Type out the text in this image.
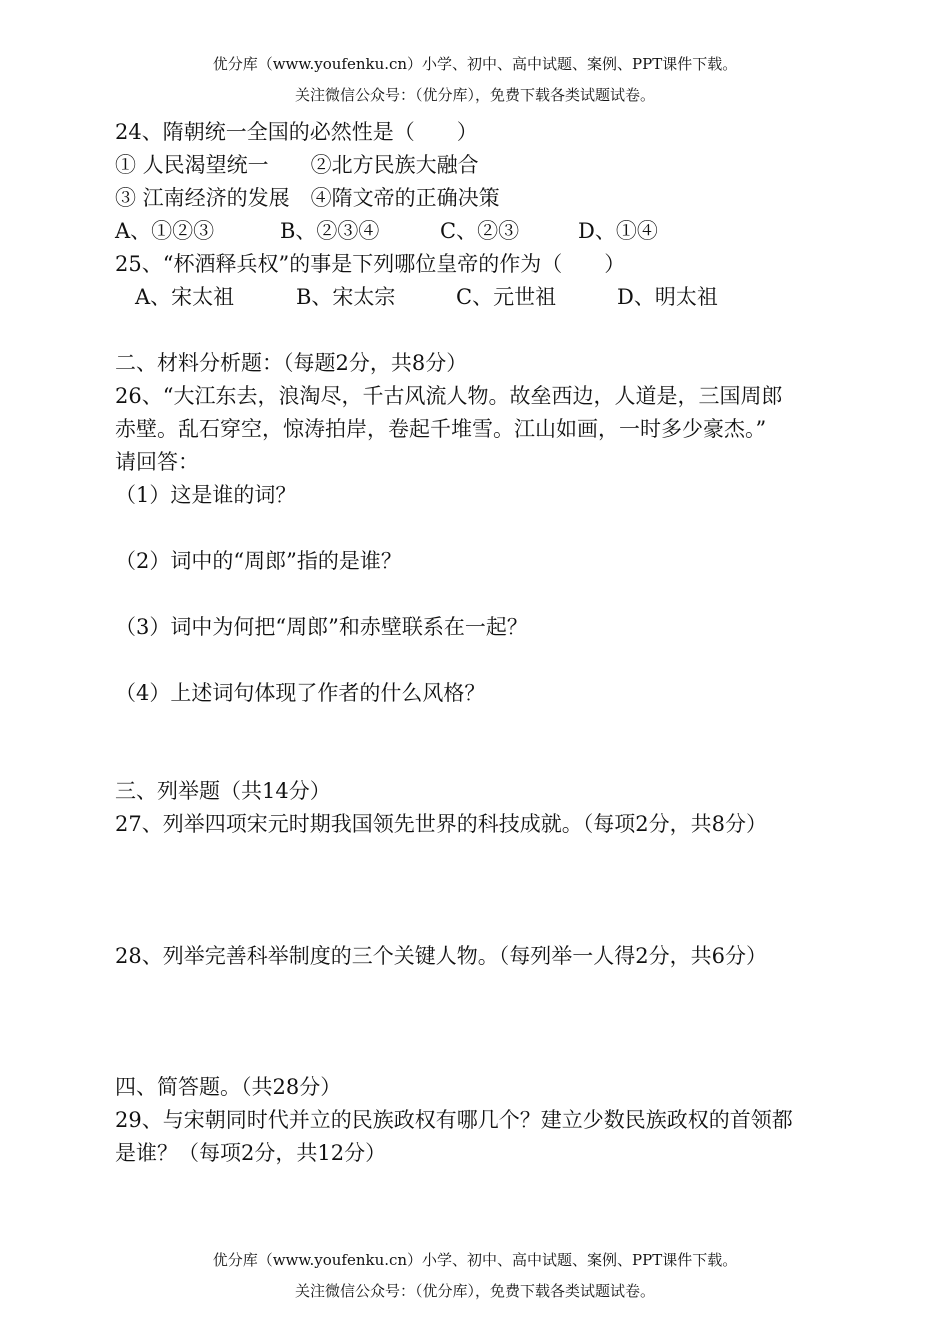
优分库（www.youfenku.cn）小学、初中、高中试题、案例、PPT课件下载。
关注微信公众号：（优分库），免费下载各类试题试卷。
24、隋朝统一全国的必然性是（　　）
① 人民渴望统一　　②北方民族大融合
③ 江南经济的发展　④隋文帝的正确决策
A、①②③	B、②③④	C、②③	D、①④
25、“杯酒释兵权”的事是下列哪位皇帝的作为（　　）
A、宋太祖	B、宋太宗	C、元世祖	D、明太祖
二、材料分析题：（每题2分，共8分）
26、“大江东去，浪淘尽，千古风流人物。故垒西边，人道是，三国周郎
赤壁。乱石穿空，惊涛拍岸，卷起千堆雪。江山如画，一时多少豪杰。”
请回答：
（1）这是谁的词？
（2）词中的“周郎”指的是谁？
（3）词中为何把“周郎”和赤壁联系在一起？
（4）上述词句体现了作者的什么风格？
三、列举题（共14分）
27、列举四项宋元时期我国领先世界的科技成就。（每项2分，共8分）
28、列举完善科举制度的三个关键人物。（每列举一人得2分，共6分）
四、简答题。（共28分）
29、与宋朝同时代并立的民族政权有哪几个？建立少数民族政权的首领都
是谁？（每项2分，共12分）
优分库（www.youfenku.cn）小学、初中、高中试题、案例、PPT课件下载。
关注微信公众号：（优分库），免费下载各类试题试卷。
